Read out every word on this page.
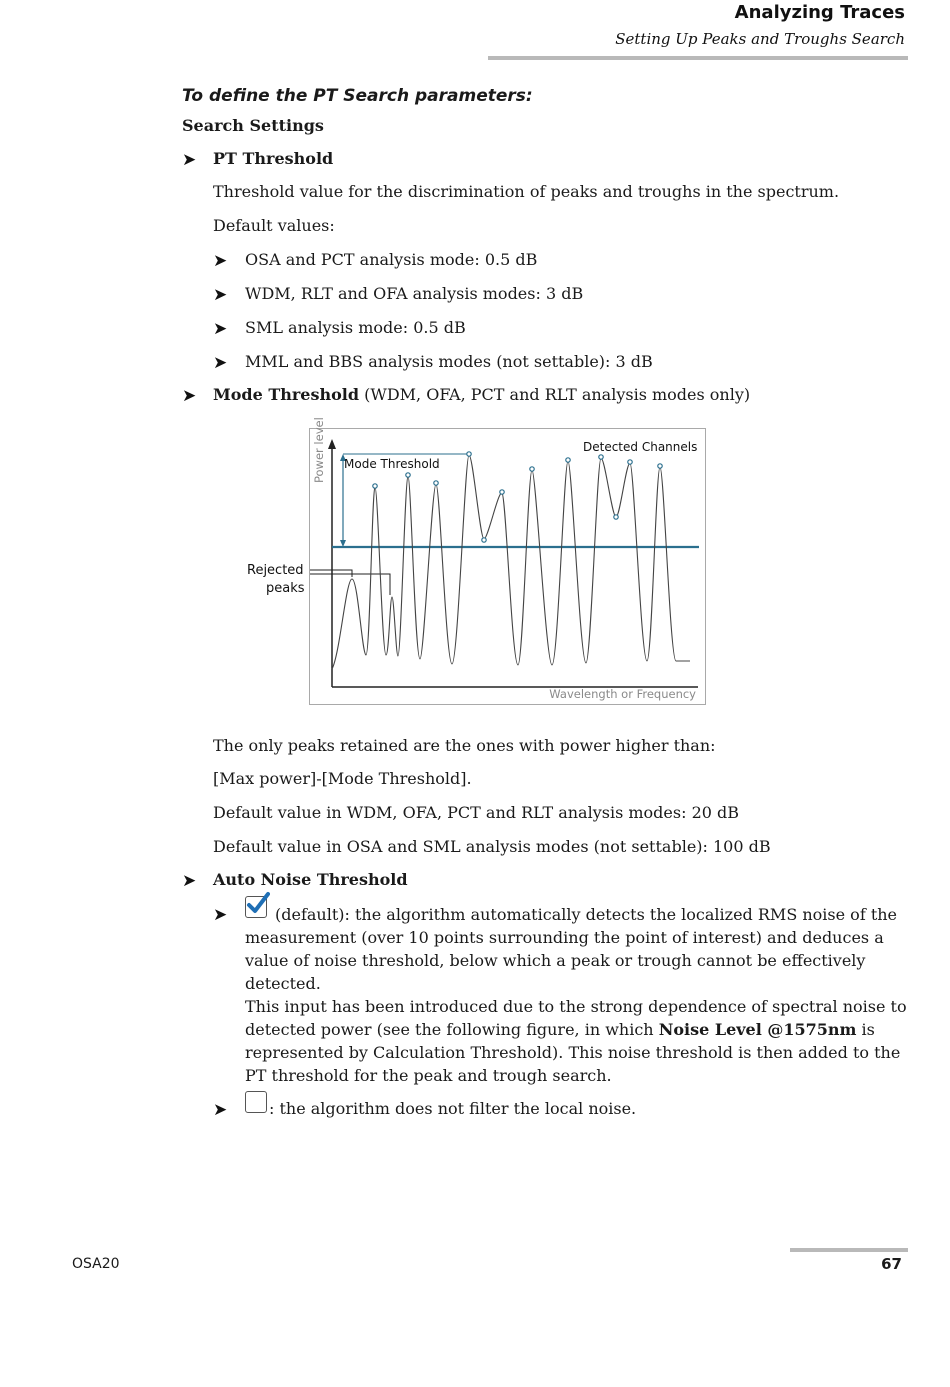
Analyzing Traces
Setting Up Peaks and Troughs Search
To define the PT Search parameters:
Search Settings
➤ PT Threshold
Threshold value for the discrimination of peaks and troughs in the spectrum.
Default values:
➤ OSA and PCT analysis mode: 0.5 dB
➤ WDM, RLT and OFA analysis modes: 3 dB
➤ SML analysis mode: 0.5 dB
➤ MML and BBS analysis modes (not settable): 3 dB
➤ Mode Threshold (WDM, OFA, PCT and RLT analysis modes only)
Power level
Wavelength or Frequency
Mode Threshold
Detected Channels
Rejected
peaks
The only peaks retained are the ones with power higher than:
[Max power]-[Mode Threshold].
Default value in WDM, OFA, PCT and RLT analysis modes: 20 dB
Default value in OSA and SML analysis modes (not settable): 100 dB
➤ Auto Noise Threshold
➤	(default): the algorithm automatically detects the localized RMS noise of the measurement (over 10 points surrounding the point of interest) and deduces a value of noise threshold, below which a peak or trough cannot be effectively detected.
This input has been introduced due to the strong dependence of spectral noise to detected power (see the following figure, in which Noise Level @1575nm is represented by Calculation Threshold). This noise threshold is then added to the PT threshold for the peak and trough search.
➤	: the algorithm does not filter the local noise.
OSA20	67
